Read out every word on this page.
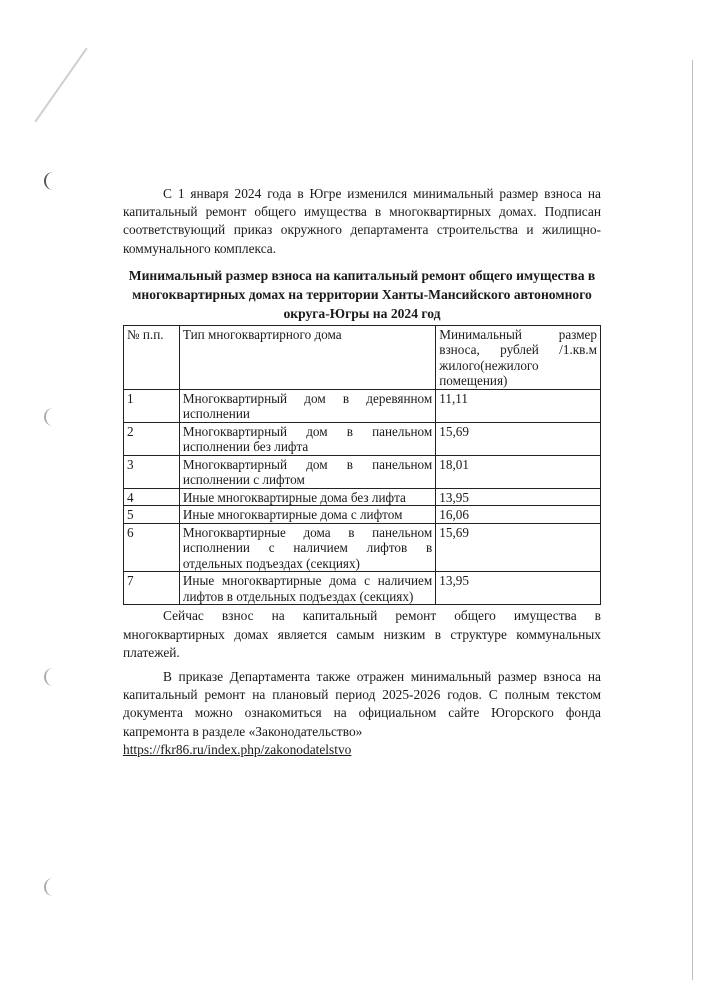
С 1 января 2024 года в Югре изменился минимальный размер взноса на капитальный ремонт общего имущества в многоквартирных домах. Подписан соответствующий приказ окружного департамента строительства и жилищно-коммунального комплекса.

Минимальный размер взноса на капитальный ремонт общего имущества в многоквартирных домах на территории Ханты-Мансийского автономного округа-Югры на 2024 год

№ п.п.	Тип многоквартирного дома	Минимальный размер взноса, рублей /1.кв.м жилого(нежилого помещения)
1	Многоквартирный дом в деревянном исполнении	11,11
2	Многоквартирный дом в панельном исполнении без лифта	15,69
3	Многоквартирный дом в панельном исполнении с лифтом	18,01
4	Иные многоквартирные дома без лифта	13,95
5	Иные многоквартирные дома с лифтом	16,06
6	Многоквартирные дома в панельном исполнении с наличием лифтов в отдельных подъездах (секциях)	15,69
7	Иные многоквартирные дома с наличием лифтов в отдельных подъездах (секциях)	13,95

Сейчас взнос на капитальный ремонт общего имущества в многоквартирных домах является самым низким в структуре коммунальных платежей.

В приказе Департамента также отражен минимальный размер взноса на капитальный ремонт на плановый период 2025-2026 годов. С полным текстом документа можно ознакомиться на официальном сайте Югорского фонда капремонта в разделе «Законодательство»

https://fkr86.ru/index.php/zakonodatelstvo
